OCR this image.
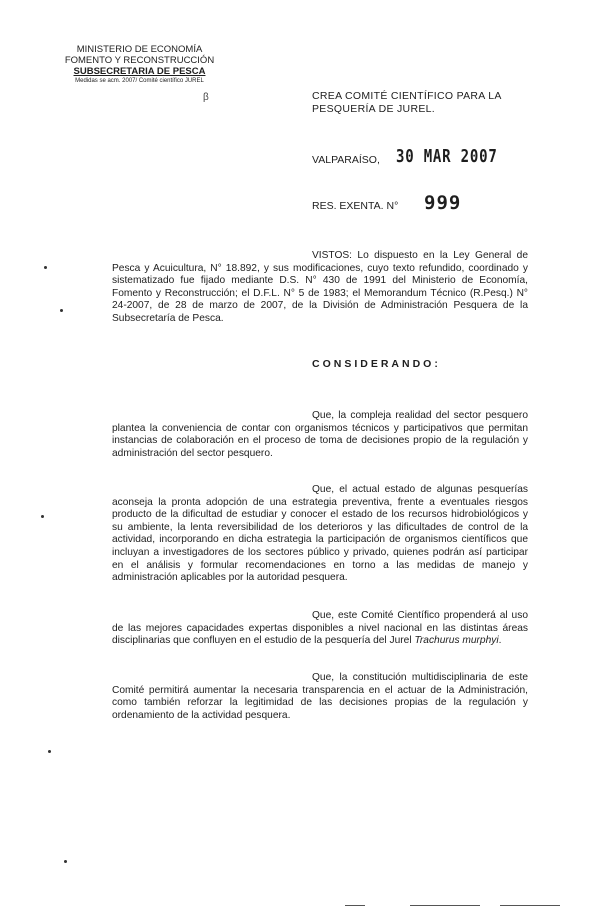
MINISTERIO DE ECONOMÍA
FOMENTO Y RECONSTRUCCIÓN
SUBSECRETARIA DE PESCA
Medidas se acm. 2007/ Comité científico JUREL
β	CREA COMITÉ CIENTÍFICO PARA LA
PESQUERÍA DE JUREL.
VALPARAÍSO, 30 MAR 2007
RES. EXENTA. N° 999
VISTOS: Lo dispuesto en la Ley General de Pesca y Acuicultura, N° 18.892, y sus modificaciones, cuyo texto refundido, coordinado y sistematizado fue fijado mediante D.S. N° 430 de 1991 del Ministerio de Economía, Fomento y Reconstrucción; el D.F.L. N° 5 de 1983; el Memorandum Técnico (R.Pesq.) N° 24-2007, de 28 de marzo de 2007, de la División de Administración Pesquera de la Subsecretaría de Pesca.
CONSIDERANDO:
Que, la compleja realidad del sector pesquero plantea la conveniencia de contar con organismos técnicos y participativos que permitan instancias de colaboración en el proceso de toma de decisiones propio de la regulación y administración del sector pesquero.
Que, el actual estado de algunas pesquerías aconseja la pronta adopción de una estrategia preventiva, frente a eventuales riesgos producto de la dificultad de estudiar y conocer el estado de los recursos hidrobiológicos y su ambiente, la lenta reversibilidad de los deterioros y las dificultades de control de la actividad, incorporando en dicha estrategia la participación de organismos científicos que incluyan a investigadores de los sectores público y privado, quienes podrán así participar en el análisis y formular recomendaciones en torno a las medidas de manejo y administración aplicables por la autoridad pesquera.
Que, este Comité Científico propenderá al uso de las mejores capacidades expertas disponibles a nivel nacional en las distintas áreas disciplinarias que confluyen en el estudio de la pesquería del Jurel Trachurus murphyi.
Que, la constitución multidisciplinaria de este Comité permitirá aumentar la necesaria transparencia en el actuar de la Administración, como también reforzar la legitimidad de las decisiones propias de la regulación y ordenamiento de la actividad pesquera.
